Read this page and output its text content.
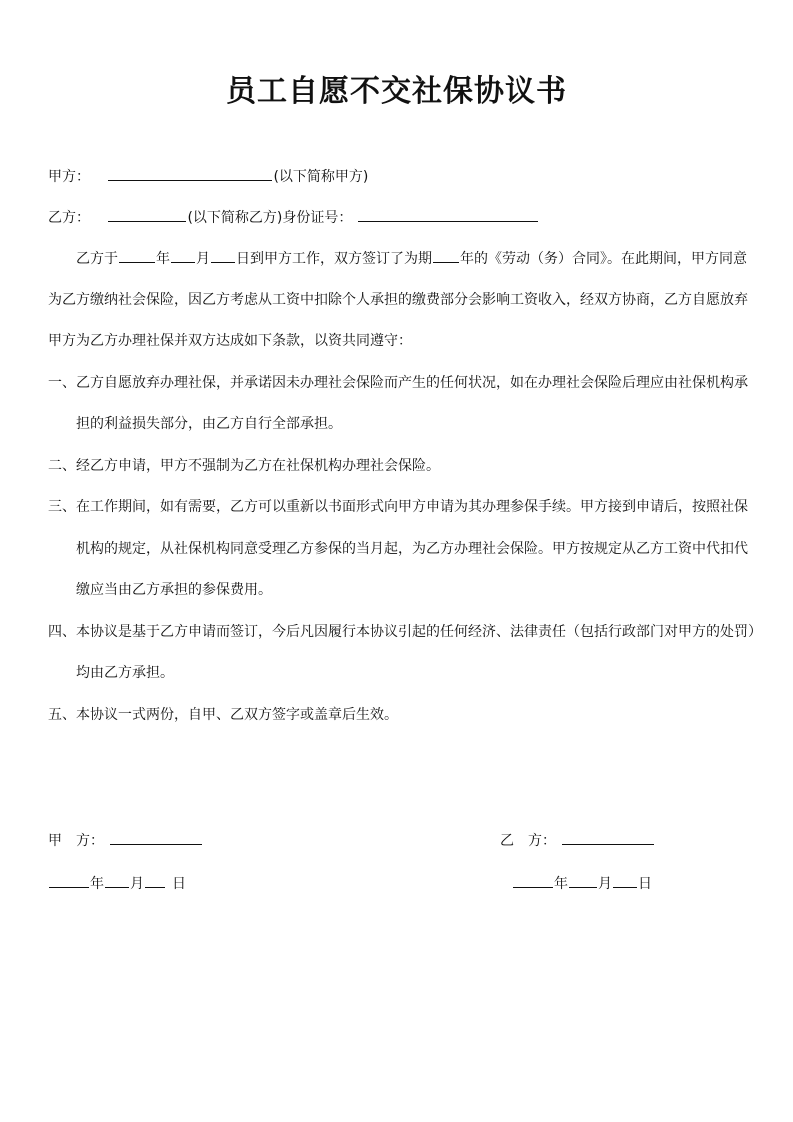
员工自愿不交社保协议书
甲方：	(以下简称甲方)
乙方：	(以下简称乙方)身份证号：
乙方于	年 月 日到甲方工作，双方签订了为期 年的《劳动（务）合同》。在此期间，甲方同意
为乙方缴纳社会保险，因乙方考虑从工资中扣除个人承担的缴费部分会影响工资收入，经双方协商，乙方自愿放弃
甲方为乙方办理社保并双方达成如下条款，以资共同遵守：
一、乙方自愿放弃办理社保，并承诺因未办理社会保险而产生的任何状况，如在办理社会保险后理应由社保机构承
担的利益损失部分，由乙方自行全部承担。
二、经乙方申请，甲方不强制为乙方在社保机构办理社会保险。
三、在工作期间，如有需要，乙方可以重新以书面形式向甲方申请为其办理参保手续。甲方接到申请后，按照社保
机构的规定，从社保机构同意受理乙方参保的当月起，为乙方办理社会保险。甲方按规定从乙方工资中代扣代
缴应当由乙方承担的参保费用。
四、本协议是基于乙方申请而签订，今后凡因履行本协议引起的任何经济、法律责任（包括行政部门对甲方的处罚）
均由乙方承担。
五、本协议一式两份，自甲、乙双方签字或盖章后生效。
甲　方：	乙　方：
年 月 日	年 月 日
